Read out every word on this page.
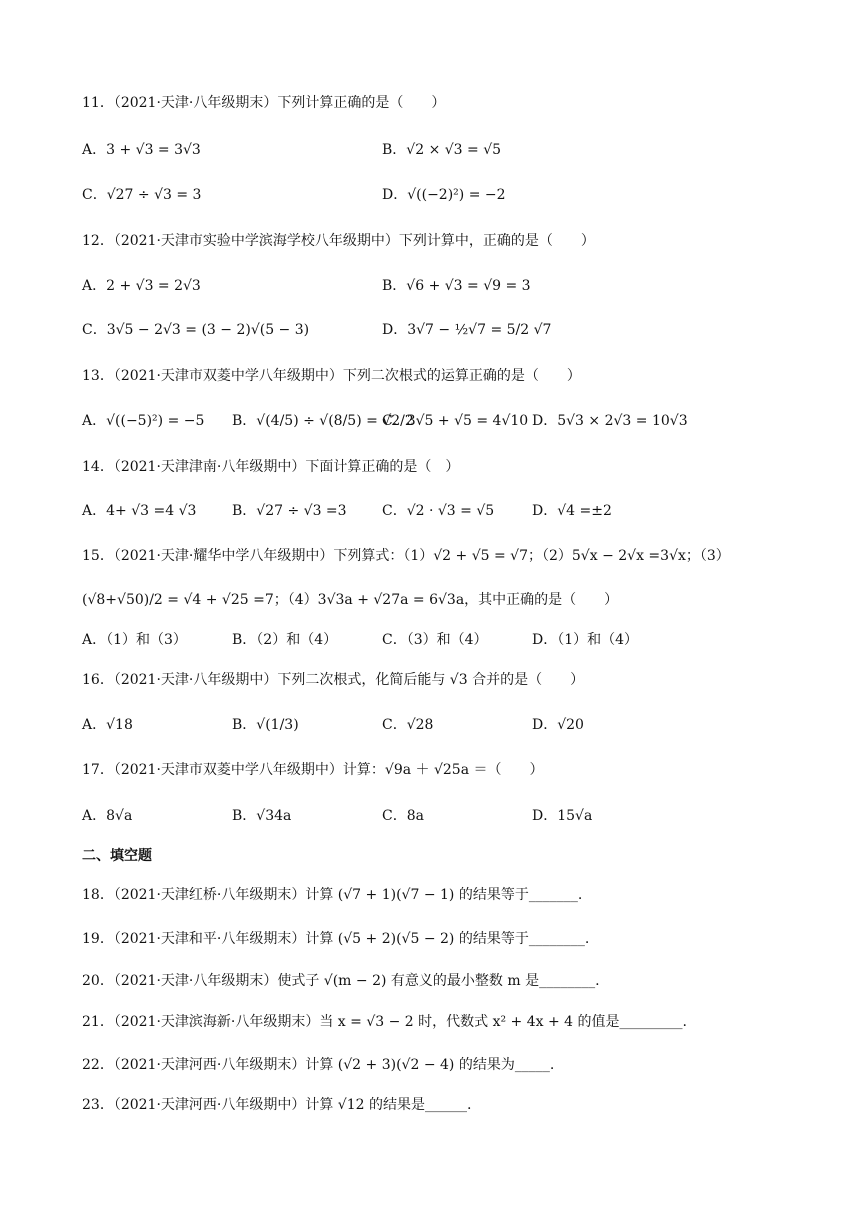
11．（2021·天津·八年级期末）下列计算正确的是（　　）
A．3 + √3 = 3√3	B．√2 × √3 = √5
C．√27 ÷ √3 = 3	D．√((−2)²) = −2
12．（2021·天津市实验中学滨海学校八年级期中）下列计算中，正确的是（　　）
A．2 + √3 = 2√3	B．√6 + √3 = √9 = 3
C．3√5 − 2√3 = (3 − 2)√(5 − 3)	D．3√7 − ½√7 = 5/2 √7
13．（2021·天津市双菱中学八年级期中）下列二次根式的运算正确的是（　　）
A．√((−5)²) = −5 B．√(4/5) ÷ √(8/5) = √2/2
C．3√5 + √5 = 4√10 D．5√3 × 2√3 = 10√3
14．（2021·天津津南·八年级期中）下面计算正确的是（　）
A．4+ √3 =4 √3	B．√27 ÷ √3 =3	C．√2 · √3 = √5	D．√4 =±2
15．（2021·天津·耀华中学八年级期中）下列算式：（1）√2 + √5 = √7；（2）5√x − 2√x =3√x；（3）
(√8+√50)/2 = √4 + √25 =7；（4）3√3a + √27a = 6√3a，其中正确的是（　　）
A．（1）和（3）	B．（2）和（4）	C．（3）和（4）	D．（1）和（4）
16．（2021·天津·八年级期中）下列二次根式，化简后能与 √3 合并的是（　　）
A．√18	B．√(1/3)	C．√28	D．√20
17．（2021·天津市双菱中学八年级期中）计算：√9a ＋ √25a ＝（　　）
A．8√a	B．√34a	C．8a	D．15√a
二、填空题
18．（2021·天津红桥·八年级期末）计算 (√7 + 1)(√7 − 1) 的结果等于_______.
19．（2021·天津和平·八年级期末）计算 (√5 + 2)(√5 − 2) 的结果等于________.
20．（2021·天津·八年级期末）使式子 √(m − 2) 有意义的最小整数 m 是________.
21．（2021·天津滨海新·八年级期末）当 x = √3 − 2 时，代数式 x² + 4x + 4 的值是_________.
22．（2021·天津河西·八年级期末）计算 (√2 + 3)(√2 − 4) 的结果为_____.
23．（2021·天津河西·八年级期中）计算 √12 的结果是______.
